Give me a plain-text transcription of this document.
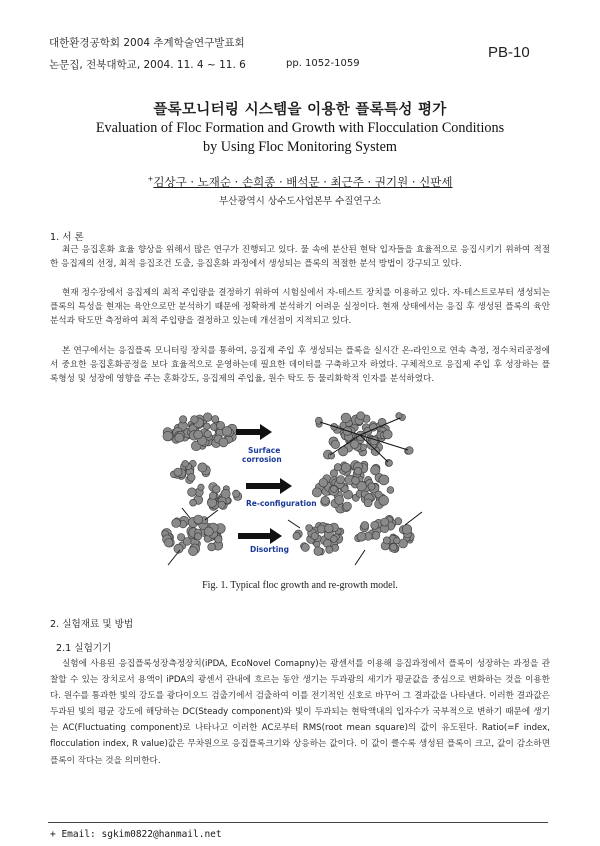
대한환경공학회 2004 추계학술연구발표회
논문집, 전북대학교, 2004. 11. 4 ~ 11. 6	pp. 1052-1059
PB-10
플록모니터링 시스템을 이용한 플록특성 평가
Evaluation of Floc Formation and Growth with Flocculation Conditions
by Using Floc Monitoring System
+김상구 · 노재순 · 손희종 · 배석문 · 최근주 · 권기원 · 신판세
부산광역시 상수도사업본부 수질연구소
1. 서 론
최근 응집혼화 효율 향상을 위해서 많은 연구가 진행되고 있다. 물 속에 분산된 현탁 입자들을 효율적으로 응집시키기 위하여 적절한 응집제의 선정, 최적 응집조건 도출, 응집혼화 과정에서 생성되는 플록의 적절한 분석 방법이 강구되고 있다.
현재 정수장에서 응집제의 최적 주입량을 결정하기 위하여 시험실에서 자-테스트 장치를 이용하고 있다. 자-테스트로부터 생성되는 플록의 특성을 현재는 육안으로만 분석하기 때문에 정확하게 분석하기 어려운 실정이다. 현재 상태에서는 응집 후 생성된 플록의 육안분석과 탁도만 측정하여 최적 주입량을 결정하고 있는데 개선점이 지적되고 있다.
본 연구에서는 응집플록 모니터링 장치를 통하여, 응집제 주입 후 생성되는 플록을 실시간 온-라인으로 연속 측정, 정수처리공정에서 중요한 응집혼화공정을 보다 효율적으로 운영하는데 필요한 데이터를 구축하고자 하였다. 구체적으로 응집제 주입 후 성장하는 플록형성 및 성장에 영향을 주는 혼화강도, 응집제의 주입율, 원수 탁도 등 물리화학적 인자를 분석하였다.
Surface
corrosion
Re-configuration
Disorting
Fig. 1. Typical floc growth and re-growth model.
2. 실험재료 및 방법
2.1 실험기기
실험에 사용된 응집플록성장측정장치(iPDA, EcoNovel Comapny)는 광센서를 이용해 응집과정에서 플록이 성장하는 과정을 관찰할 수 있는 장치로서 용액이 iPDA의 광센서 관내에 흐르는 동안 생기는 두과광의 세기가 평균값을 중심으로 변화하는 것을 이용한다. 원수를 통과한 빛의 강도를 광다이오드 검출기에서 검출하여 이를 전기적인 신호로 바꾸어 그 결과값을 나타낸다. 이러한 결과값은 두과된 빛의 평균 강도에 해당하는 DC(Steady component)와 빛이 두과되는 현탁액내의 입자수가 국부적으로 변하기 때문에 생기는 AC(Fluctuating component)로 나타나고 이러한 AC로부터 RMS(root mean square)의 값이 유도된다. Ratio(=F index, flocculation index, R value)값은 무차원으로 응집플록크기와 상응하는 값이다. 이 값이 클수록 생성된 플록이 크고, 값이 감소하면 플록이 작다는 것을 의미한다.
+ Email: sgkim0822@hanmail.net
